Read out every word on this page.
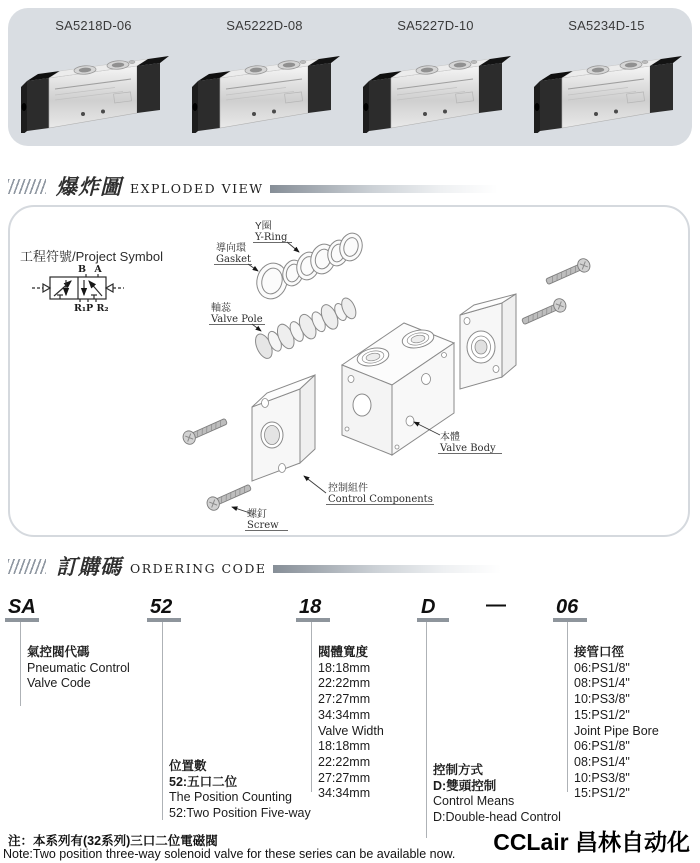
SA5218D-06	SA5222D-08	SA5227D-10	SA5234D-15
爆炸圖 EXPLODED VIEW
工程符號/Project Symbol
B A
R₁P R₂
Y圈
Y-Ring
導向環
Gasket
軸蕊
Valve Pole
本體
Valve Body
控制組件
Control Components
螺釘
Screw
訂購碼 ORDERING CODE
SA
氣控閥代碼
Pneumatic Control
Valve Code
52
位置數
52:五口二位
The Position Counting
52:Two Position Five-way
18
閥體寬度
18:18mm
22:22mm
27:27mm
34:34mm
Valve Width
18:18mm
22:22mm
27:27mm
34:34mm
D
控制方式
D:雙頭控制
Control Means
D:Double-head Control
—	06
接管口徑
06:PS1/8"
08:PS1/4"
10:PS3/8"
15:PS1/2"
Joint Pipe Bore
06:PS1/8"
08:PS1/4"
10:PS3/8"
15:PS1/2"
注：本系列有(32系列)三口二位電磁閥
Note:Two position three-way solenoid valve for these series can be available now. CCLair 昌林自动化
